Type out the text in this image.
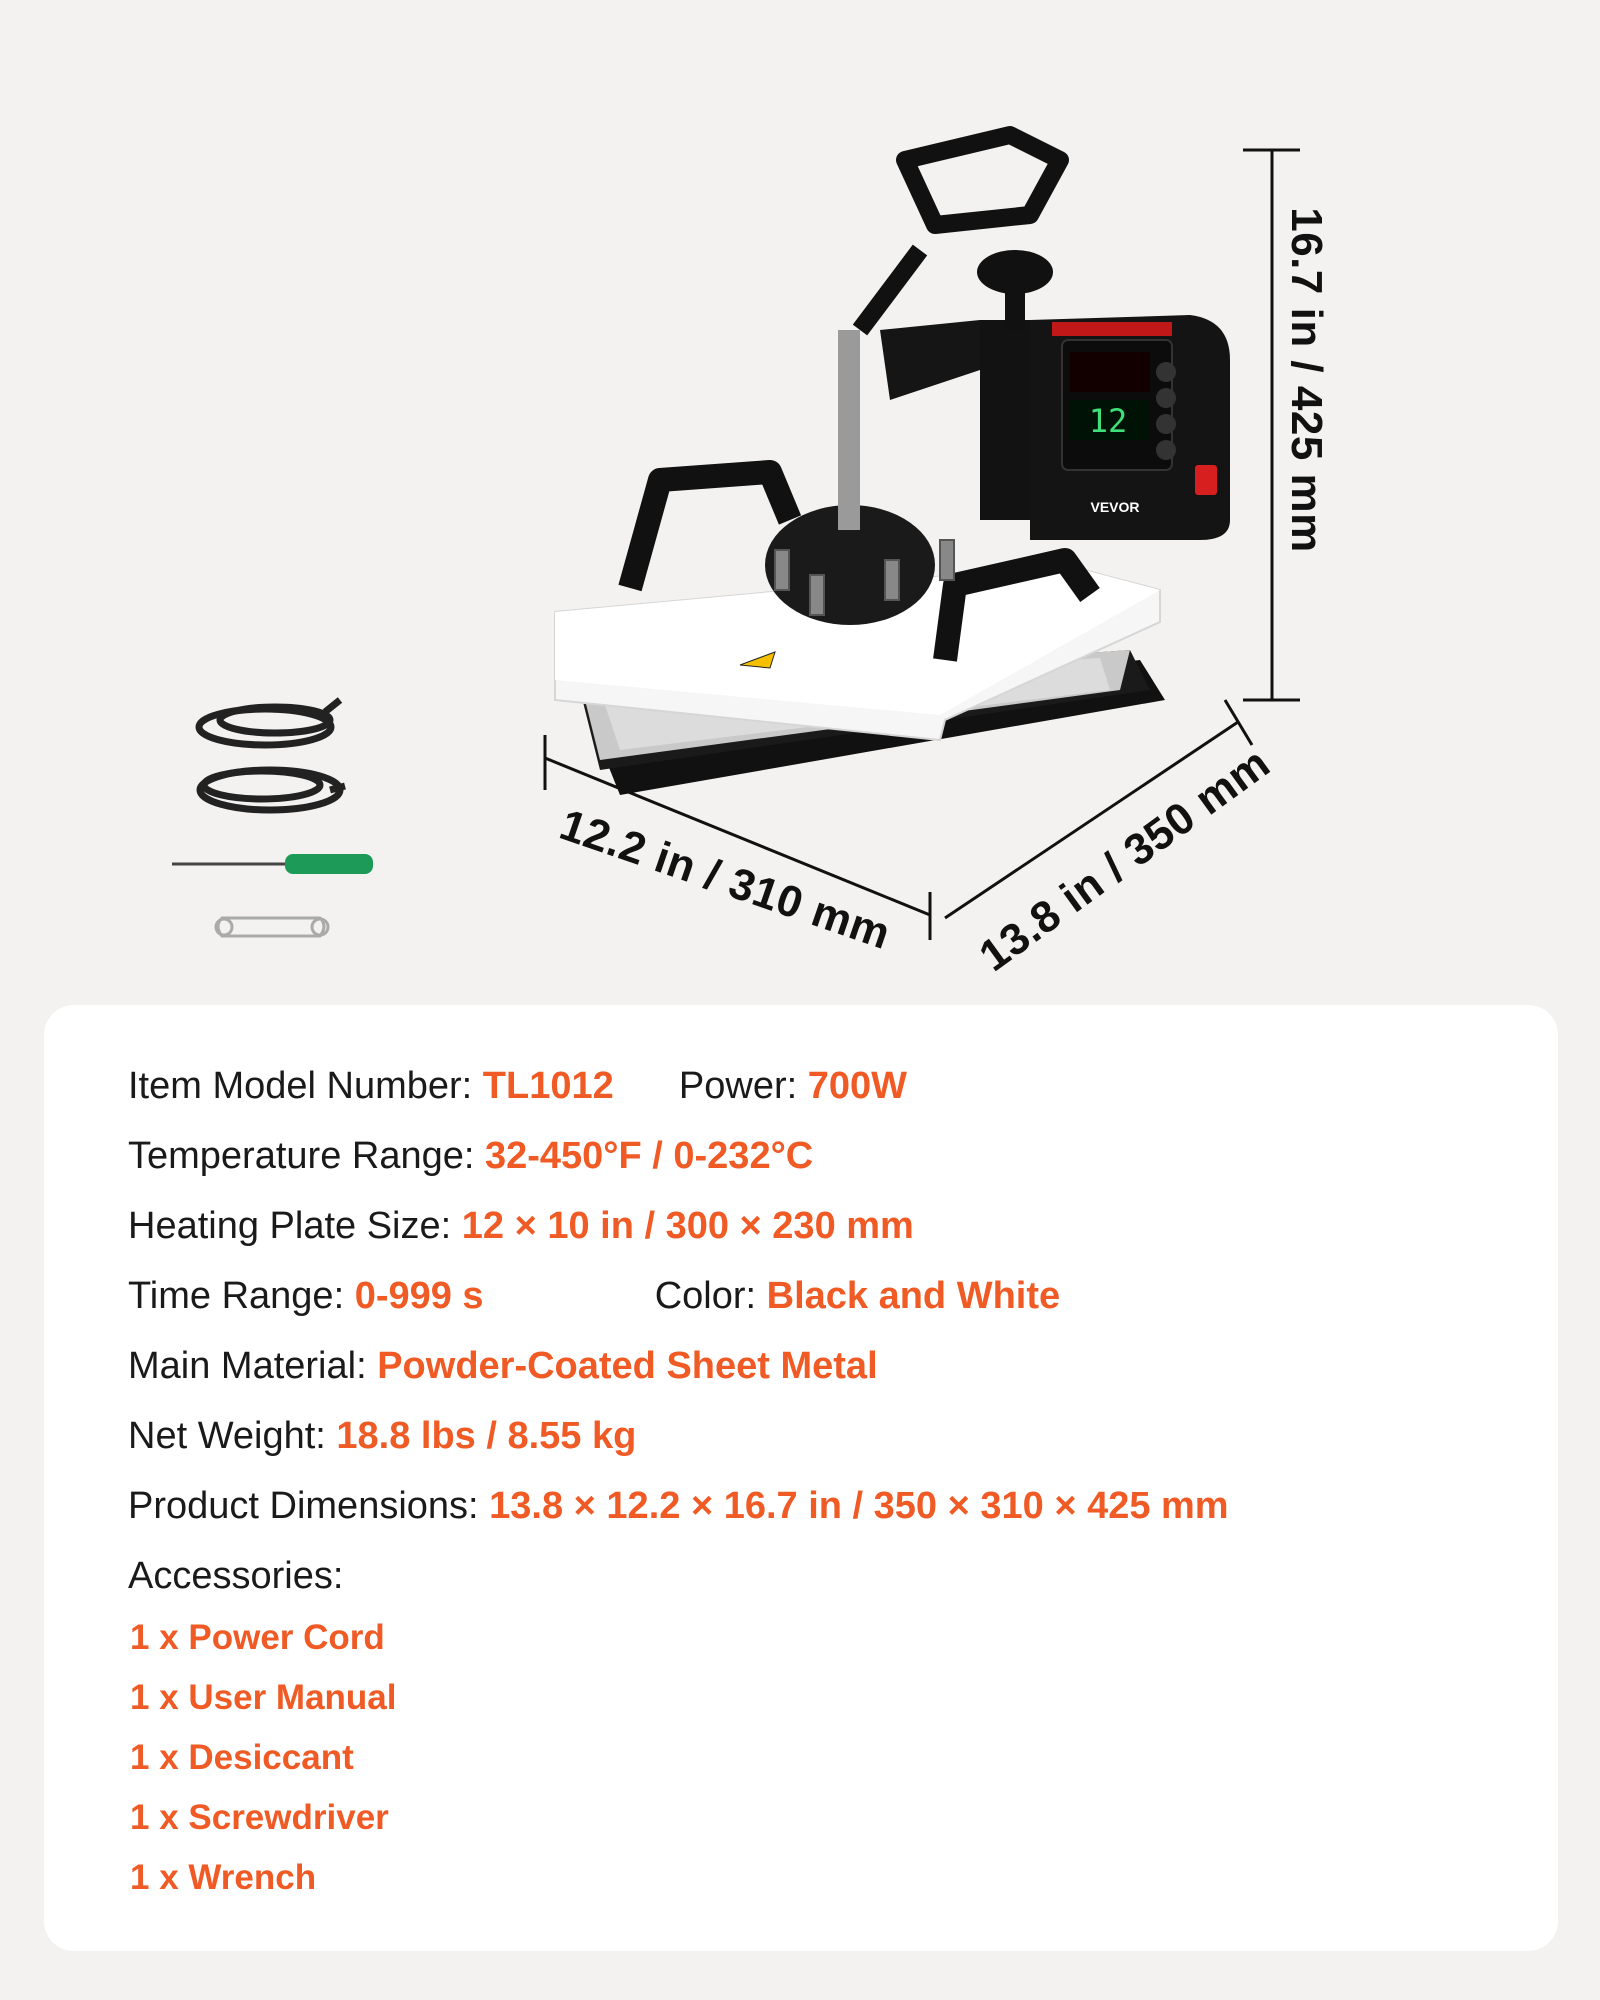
12
VEVOR	16.7 in / 425 mm
12.2 in / 310 mm 13.8 in / 350 mm
Item Model Number: TL1012 Power: 700W
Temperature Range: 32-450°F / 0-232°C
Heating Plate Size: 12 × 10 in / 300 × 230 mm
Time Range: 0-999 s	Color: Black and White
Main Material: Powder-Coated Sheet Metal
Net Weight: 18.8 lbs / 8.55 kg
Product Dimensions: 13.8 × 12.2 × 16.7 in / 350 × 310 × 425 mm
Accessories:
1 x Power Cord
1 x User Manual
1 x Desiccant
1 x Screwdriver
1 x Wrench
